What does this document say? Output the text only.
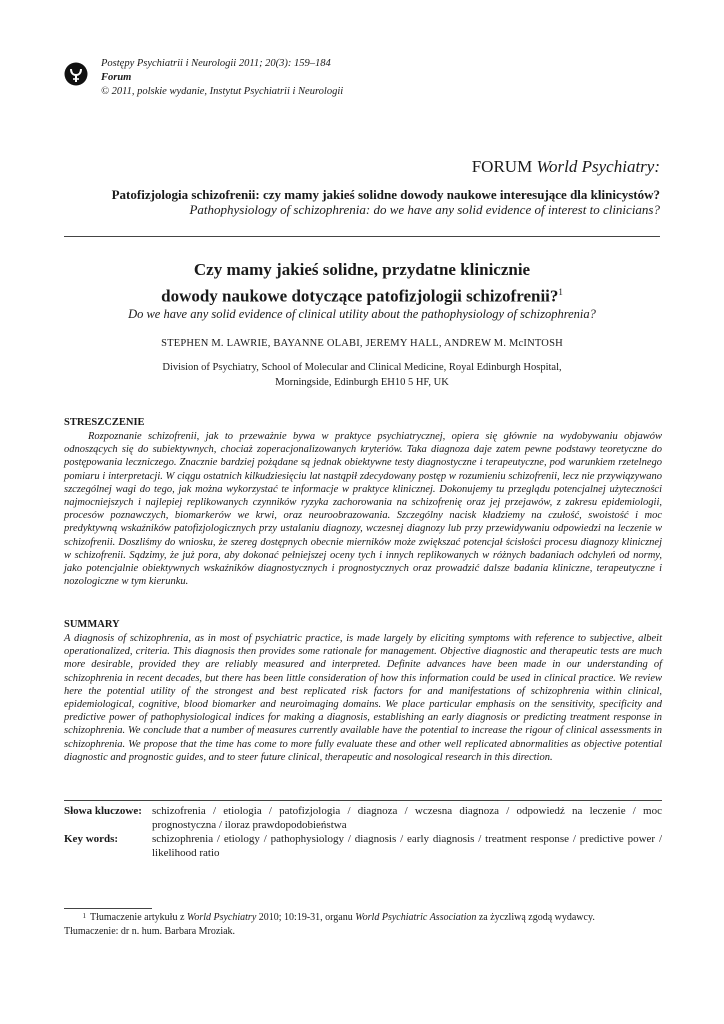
Postępy Psychiatrii i Neurologii 2011; 20(3): 159–184
Forum
© 2011, polskie wydanie, Instytut Psychiatrii i Neurologii
FORUM World Psychiatry:
Patofizjologia schizofrenii: czy mamy jakieś solidne dowody naukowe interesujące dla klinicystów?
Pathophysiology of schizophrenia: do we have any solid evidence of interest to clinicians?
Czy mamy jakieś solidne, przydatne klinicznie
dowody naukowe dotyczące patofizjologii schizofrenii?$^1$
Do we have any solid evidence of clinical utility about the pathophysiology of schizophrenia?
STEPHEN M. LAWRIE, BAYANNE OLABI, JEREMY HALL, ANDREW M. McINTOSH
Division of Psychiatry, School of Molecular and Clinical Medicine, Royal Edinburgh Hospital,
Morningside, Edinburgh EH10 5 HF, UK
STRESZCZENIE
Rozpoznanie schizofrenii, jak to przeważnie bywa w praktyce psychiatrycznej, opiera się głównie na wydobywaniu objawów odnoszących się do subiektywnych, chociaż zoperacjonalizowanych kryteriów. Taka diagnoza daje zatem pewne podstawy teoretyczne do postępowania leczniczego. Znacznie bardziej pożądane są jednak obiektywne testy diagnostyczne i terapeutyczne, pod warunkiem rzetelnego pomiaru i interpretacji. W ciągu ostatnich kilkudziesięciu lat nastąpił zdecydowany postęp w rozumieniu schizofrenii, lecz nie przywiązywano szczególnej wagi do tego, jak można wykorzystać te informacje w praktyce klinicznej. Dokonujemy tu przeglądu potencjalnej użyteczności najmocniejszych i najlepiej replikowanych czynników ryzyka zachorowania na schizofrenię oraz jej przejawów, z zakresu epidemiologii, procesów poznawczych, biomarkerów we krwi, oraz neuroobrazowania. Szczególny nacisk kładziemy na czułość, swoistość i moc predyktywną wskaźników patofizjologicznych przy ustalaniu diagnozy, wczesnej diagnozy lub przy przewidywaniu odpowiedzi na leczenie w schizofrenii. Doszliśmy do wniosku, że szereg dostępnych obecnie mierników może zwiększać potencjał ścisłości procesu diagnozy klinicznej w schizofrenii. Sądzimy, że już pora, aby dokonać pełniejszej oceny tych i innych replikowanych w różnych badaniach odchyleń od normy, jako potencjalnie obiektywnych wskaźników diagnostycznych i prognostycznych oraz prowadzić dalsze badania kliniczne, terapeutyczne i nozologiczne w tym kierunku.
SUMMARY
A diagnosis of schizophrenia, as in most of psychiatric practice, is made largely by eliciting symptoms with reference to subjective, albeit operationalized, criteria. This diagnosis then provides some rationale for management. Objective diagnostic and therapeutic tests are much more desirable, provided they are reliably measured and interpreted. Definite advances have been made in our understanding of schizophrenia in recent decades, but there has been little consideration of how this information could be used in clinical practice. We review here the potential utility of the strongest and best replicated risk factors for and manifestations of schizophrenia within clinical, epidemiological, cognitive, blood biomarker and neuroimaging domains. We place particular emphasis on the sensitivity, specificity and predictive power of pathophysiological indices for making a diagnosis, establishing an early diagnosis or predicting treatment response in schizophrenia. We conclude that a number of measures currently available have the potential to increase the rigour of clinical assessments in schizophrenia. We propose that the time has come to more fully evaluate these and other well replicated abnormalities as objective potential diagnostic and prognostic guides, and to steer future clinical, therapeutic and nosological research in this direction.
Słowa kluczowe:	schizofrenia / etiologia / patofizjologia / diagnoza / wczesna diagnoza / odpowiedź na leczenie / moc prognostyczna / iloraz prawdopodobieństwa
Key words:	schizophrenia / etiology / pathophysiology / diagnosis / early diagnosis / treatment response / predictive power / likelihood ratio
1 Tłumaczenie artykułu z World Psychiatry 2010; 10:19-31, organu World Psychiatric Association za życzliwą zgodą wydawcy.
Tłumaczenie: dr n. hum. Barbara Mroziak.
